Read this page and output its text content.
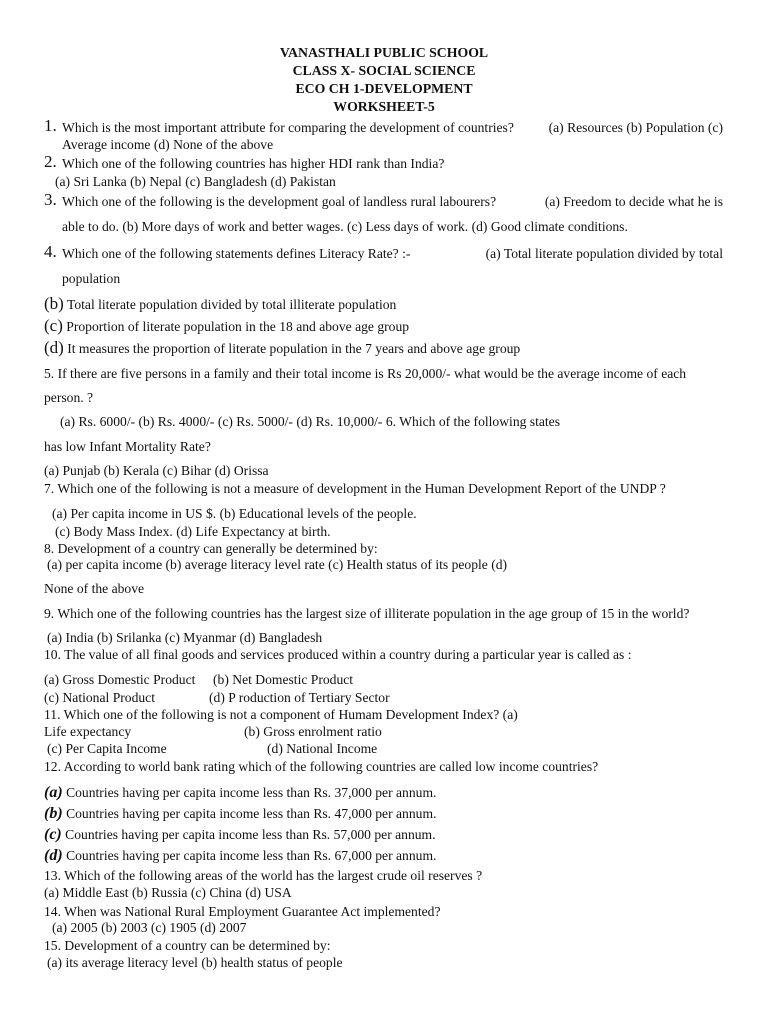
VANASTHALI PUBLIC SCHOOL
CLASS X- SOCIAL SCIENCE
ECO CH 1-DEVELOPMENT
WORKSHEET-5
1. Which is the most important attribute for comparing the development of countries?	(a) Resources (b) Population (c)
Average income (d) None of the above
2. Which one of the following countries has higher HDI rank than India?
(a) Sri Lanka (b) Nepal (c) Bangladesh (d) Pakistan
3. Which one of the following is the development goal of landless rural labourers?	(a) Freedom to decide what he is
able to do. (b) More days of work and better wages. (c) Less days of work. (d) Good climate conditions.
4. Which one of the following statements defines Literacy Rate? :-	(a) Total literate population divided by total
population
(b) Total literate population divided by total illiterate population
(c) Proportion of literate population in the 18 and above age group
(d) It measures the proportion of literate population in the 7 years and above age group
5. If there are five persons in a family and their total income is Rs 20,000/- what would be the average income of each
person. ?
(a) Rs. 6000/- (b) Rs. 4000/- (c) Rs. 5000/- (d) Rs. 10,000/- 6. Which of the following states
has low Infant Mortality Rate?
(a) Punjab (b) Kerala (c) Bihar (d) Orissa
7. Which one of the following is not a measure of development in the Human Development Report of the UNDP ?
(a) Per capita income in US $. (b) Educational levels of the people.
(c) Body Mass Index. (d) Life Expectancy at birth.
8. Development of a country can generally be determined by:
(a) per capita income (b) average literacy level rate (c) Health status of its people (d)
None of the above
9. Which one of the following countries has the largest size of illiterate population in the age group of 15 in the world?
(a) India (b) Srilanka (c) Myanmar (d) Bangladesh
10. The value of all final goods and services produced within a country during a particular year is called as :
(a) Gross Domestic Product (b) Net Domestic Product
(c) National Product	(d) P roduction of Tertiary Sector
11. Which one of the following is not a component of Humam Development Index? (a)
Life expectancy	(b) Gross enrolment ratio
(c) Per Capita Income	(d) National Income
12. According to world bank rating which of the following countries are called low income countries?
(a) Countries having per capita income less than Rs. 37,000 per annum.
(b) Countries having per capita income less than Rs. 47,000 per annum.
(c) Countries having per capita income less than Rs. 57,000 per annum.
(d) Countries having per capita income less than Rs. 67,000 per annum.
13. Which of the following areas of the world has the largest crude oil reserves ?
(a) Middle East (b) Russia (c) China (d) USA
14. When was National Rural Employment Guarantee Act implemented?
(a) 2005 (b) 2003 (c) 1905 (d) 2007
15. Development of a country can be determined by:
(a) its average literacy level (b) health status of people
